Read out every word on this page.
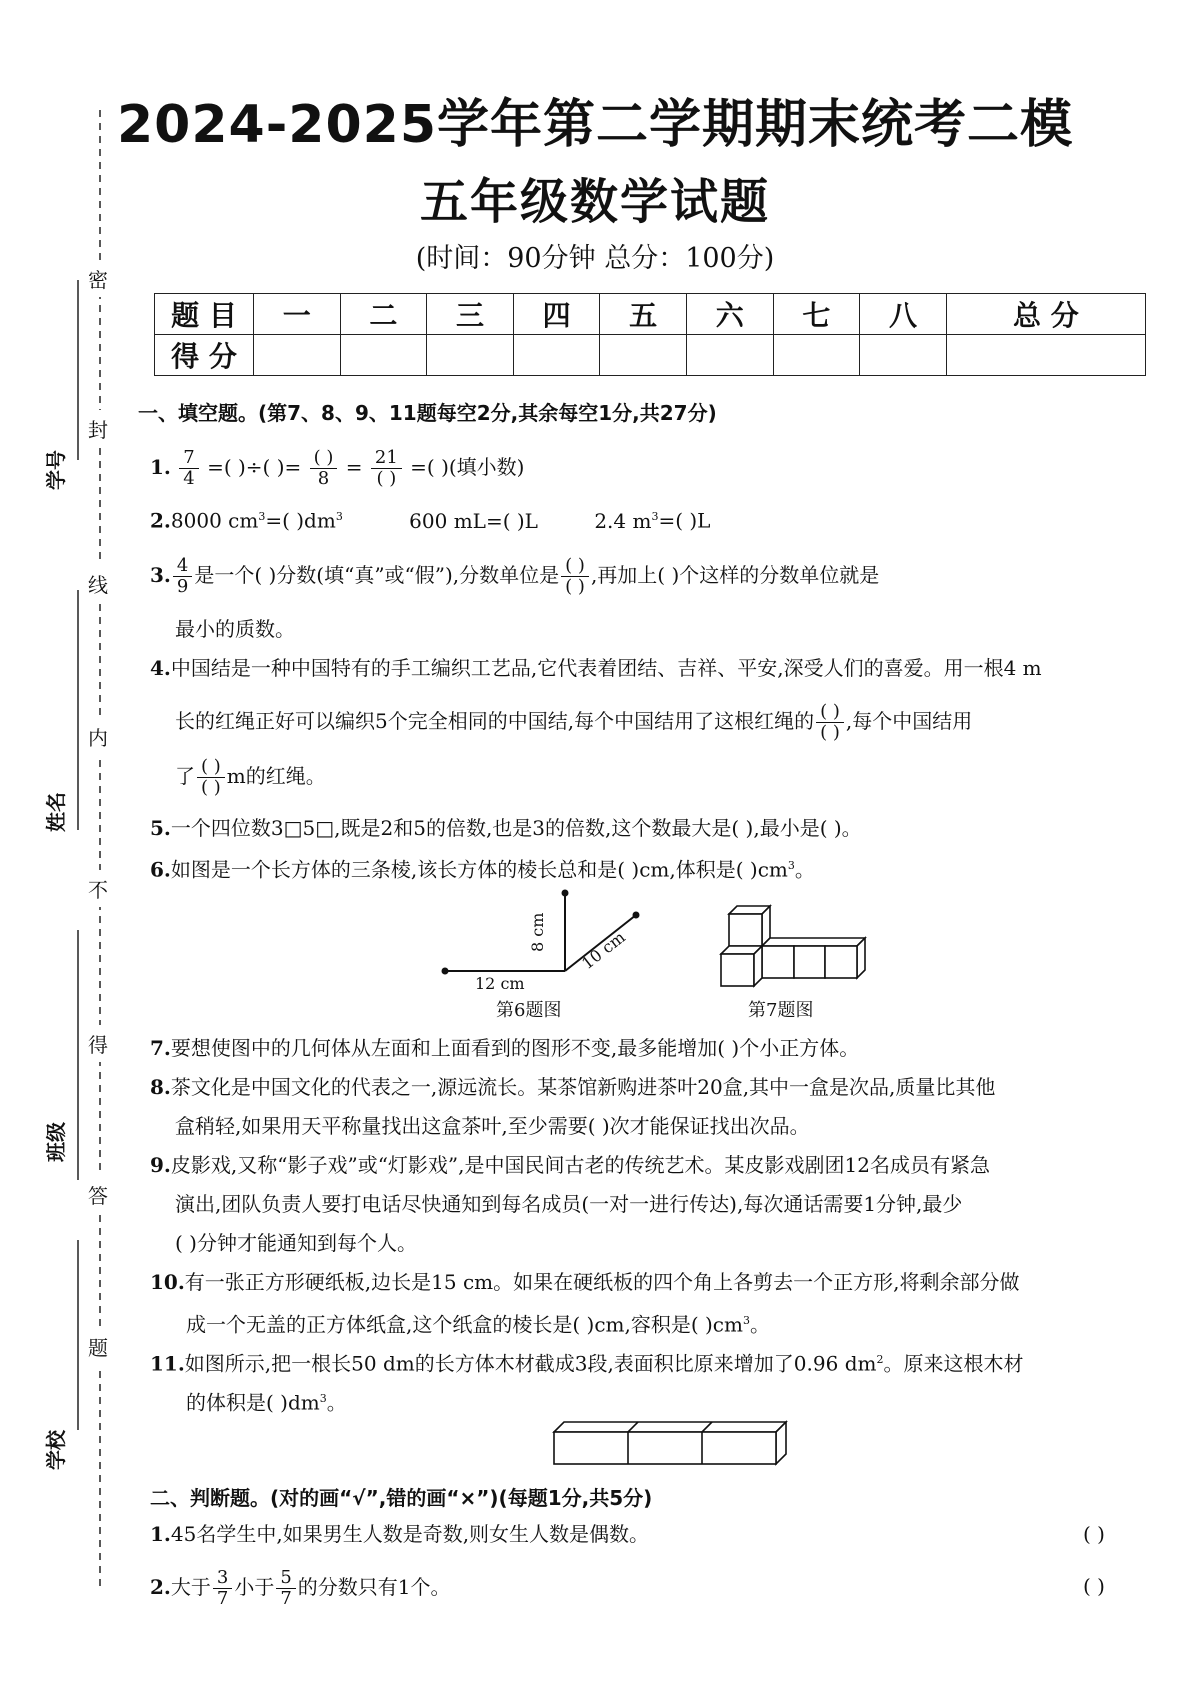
密
封
线
内
不
得
答
题
学号
姓名
班级
学校
2024-2025学年第二学期期末统考二模
五年级数学试题
(时间：90分钟 总分：100分)
题 目	一	二	三	四	五	六	七	八	总 分
得 分									
一、填空题。(第7、8、9、11题每空2分,其余每空1分,共27分)
1. $\frac{7}{4}$ =( )÷( )= $\frac{( )}{8} = \frac{21}{( )}$ =( )(填小数)
2.8000 $cm^3=$( )$dm^3$	600 mL=( )L	2.4 $m^3=$( )L
3. $\frac{4}{9}$ 是一个( )分数(填“真”或“假”),分数单位是 $\frac{( )}{( )}$ ,再加上( )个这样的分数单位就是
最小的质数。
4.中国结是一种中国特有的手工编织工艺品,它代表着团结、吉祥、平安,深受人们的喜爱。用一根4 m
长的红绳正好可以编织5个完全相同的中国结,每个中国结用了这根红绳的 $\frac{( )}{( )}$ ,每个中国结用
了 $\frac{( )}{( )}$ m的红绳。
5.一个四位数3□5□,既是2和5的倍数,也是3的倍数,这个数最大是( ),最小是( )。
6.如图是一个长方体的三条棱,该长方体的棱长总和是( )cm,体积是( )$cm^3$。
12 cm
8 cm 10 cm
第6题图	第7题图
7.要想使图中的几何体从左面和上面看到的图形不变,最多能增加( )个小正方体。
8.茶文化是中国文化的代表之一,源远流长。某茶馆新购进茶叶20盒,其中一盒是次品,质量比其他
盒稍轻,如果用天平称量找出这盒茶叶,至少需要( )次才能保证找出次品。
9.皮影戏,又称“影子戏”或“灯影戏”,是中国民间古老的传统艺术。某皮影戏剧团12名成员有紧急
演出,团队负责人要打电话尽快通知到每名成员(一对一进行传达),每次通话需要1分钟,最少
( )分钟才能通知到每个人。
10.有一张正方形硬纸板,边长是15 cm。如果在硬纸板的四个角上各剪去一个正方形,将剩余部分做
成一个无盖的正方体纸盒,这个纸盒的棱长是( )cm,容积是( )$cm^3$。
11.如图所示,把一根长50 dm的长方体木材截成3段,表面积比原来增加了0.96 $dm^2$。原来这根木材
的体积是( )$dm^3$。
二、判断题。(对的画“√”,错的画“×”)(每题1分,共5分)
1.45名学生中,如果男生人数是奇数,则女生人数是偶数。	( )
2.大于 $\frac{3}{7}$ 小于 $\frac{5}{7}$ 的分数只有1个。	( )
